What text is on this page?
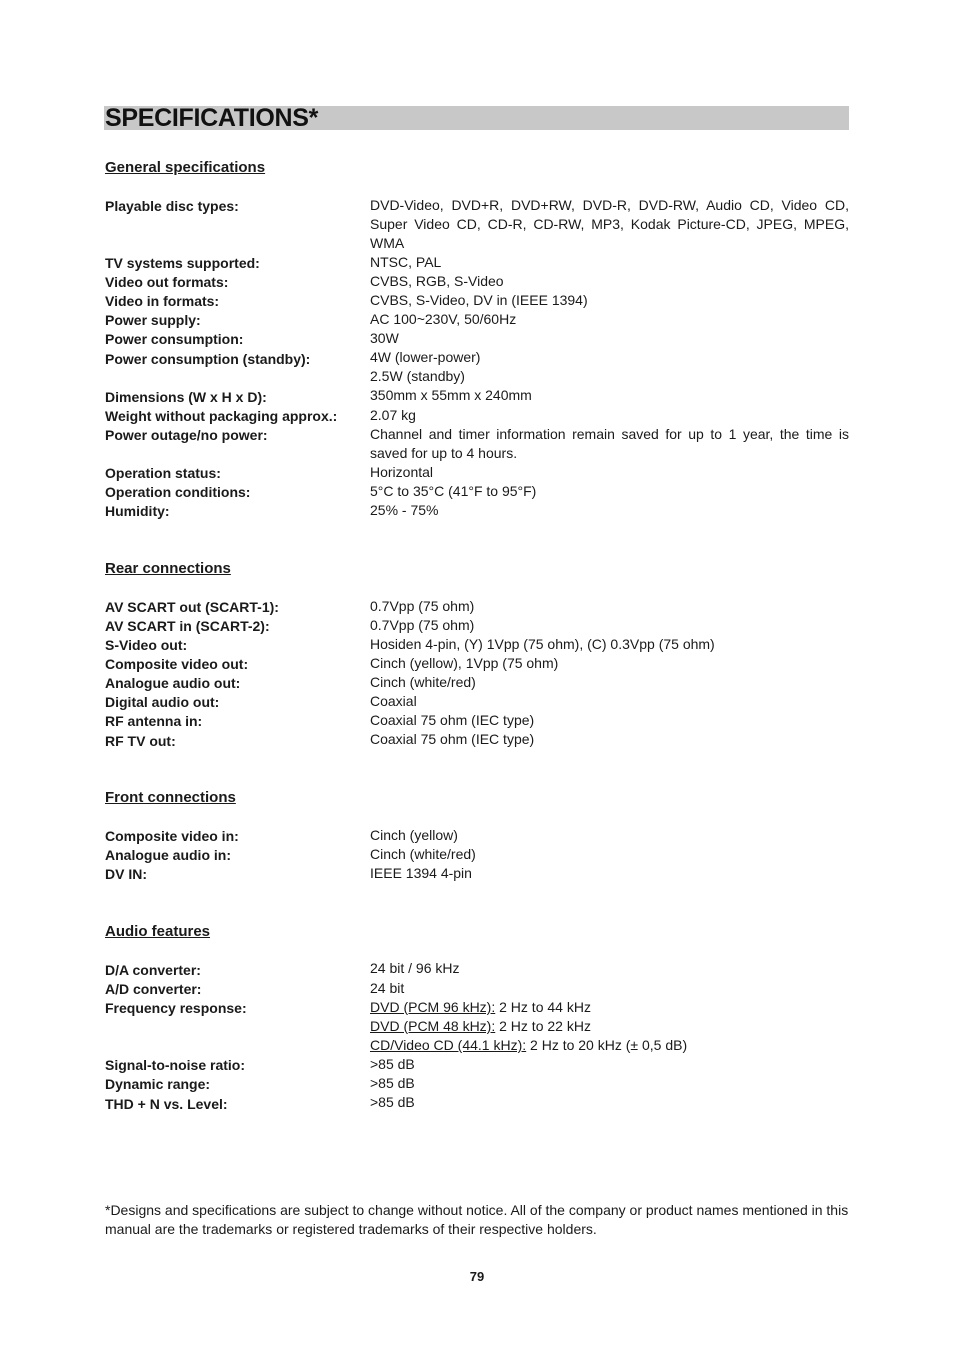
SPECIFICATIONS*
General specifications
Playable disc types:	DVD-Video, DVD+R, DVD+RW, DVD-R, DVD-RW, Audio CD, Video CD, Super Video CD, CD-R, CD-RW, MP3, Kodak Picture-CD, JPEG, MPEG, WMA
TV systems supported:	NTSC, PAL
Video out formats:	CVBS, RGB, S-Video
Video in formats:	CVBS, S-Video, DV in (IEEE 1394)
Power supply:	AC 100~230V, 50/60Hz
Power consumption:	30W
Power consumption (standby):	4W (lower-power)
2.5W (standby)
Dimensions (W x H x D):	350mm x 55mm x 240mm
Weight without packaging approx.: 2.07 kg
Power outage/no power:	Channel and timer information remain saved for up to 1 year, the time is saved for up to 4 hours.
Operation status:	Horizontal
Operation conditions:	5°C to 35°C (41°F to 95°F)
Humidity:	25% - 75%
Rear connections
AV SCART out (SCART-1):	0.7Vpp (75 ohm)
AV SCART in (SCART-2):	0.7Vpp (75 ohm)
S-Video out:	Hosiden 4-pin, (Y) 1Vpp (75 ohm), (C) 0.3Vpp (75 ohm)
Composite video out:	Cinch (yellow), 1Vpp (75 ohm)
Analogue audio out:	Cinch (white/red)
Digital audio out:	Coaxial
RF antenna in:	Coaxial 75 ohm (IEC type)
RF TV out:	Coaxial 75 ohm (IEC type)
Front connections
Composite video in:	Cinch (yellow)
Analogue audio in:	Cinch (white/red)
DV IN:	IEEE 1394 4-pin
Audio features
D/A converter:	24 bit / 96 kHz
A/D converter:	24 bit
Frequency response:	DVD (PCM 96 kHz): 2 Hz to 44 kHz
DVD (PCM 48 kHz): 2 Hz to 22 kHz
CD/Video CD (44.1 kHz): 2 Hz to 20 kHz (± 0,5 dB)
Signal-to-noise ratio:	>85 dB
Dynamic range:	>85 dB
THD + N vs. Level:	>85 dB
*Designs and specifications are subject to change without notice. All of the company or product names mentioned in this manual are the trademarks or registered trademarks of their respective holders.
79
